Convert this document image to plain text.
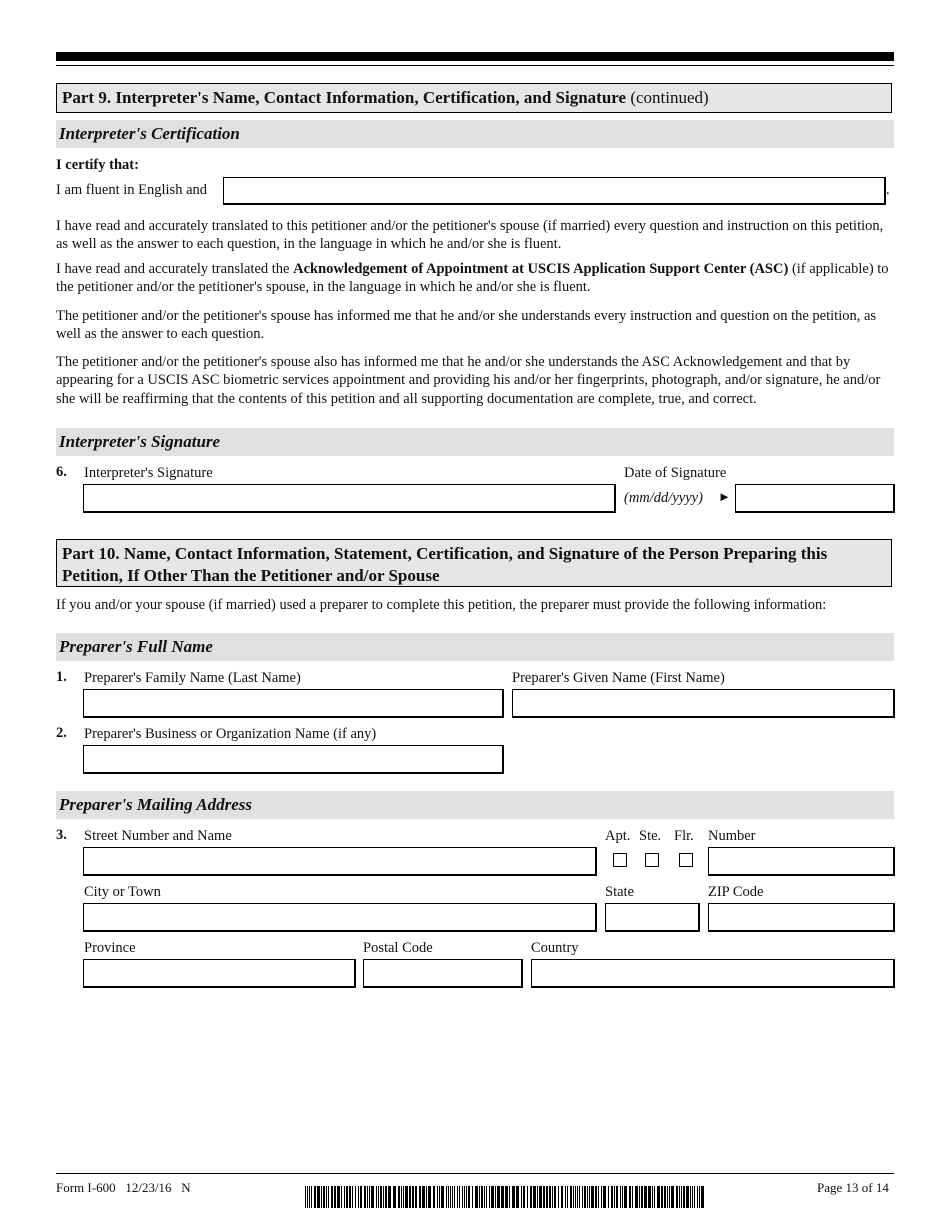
Part 9. Interpreter's Name, Contact Information, Certification, and Signature (continued)
Interpreter's Certification
I certify that:
I am fluent in English and	.
I have read and accurately translated to this petitioner and/or the petitioner's spouse (if married) every question and instruction on this petition, as well as the answer to each question, in the language in which he and/or she is fluent.
I have read and accurately translated the Acknowledgement of Appointment at USCIS Application Support Center (ASC) (if applicable) to the petitioner and/or the petitioner's spouse, in the language in which he and/or she is fluent.
The petitioner and/or the petitioner's spouse has informed me that he and/or she understands every instruction and question on the petition, as well as the answer to each question.
The petitioner and/or the petitioner's spouse also has informed me that he and/or she understands the ASC Acknowledgement and that by appearing for a USCIS ASC biometric services appointment and providing his and/or her fingerprints, photograph, and/or signature, he and/or she will be reaffirming that the contents of this petition and all supporting documentation are complete, true, and correct.
Interpreter's Signature
6. Interpreter's Signature	Date of Signature
(mm/dd/yyyy) ►
Part 10. Name, Contact Information, Statement, Certification, and Signature of the Person Preparing this Petition, If Other Than the Petitioner and/or Spouse
If you and/or your spouse (if married) used a preparer to complete this petition, the preparer must provide the following information:
Preparer's Full Name
1. Preparer's Family Name (Last Name)	Preparer's Given Name (First Name)
2. Preparer's Business or Organization Name (if any)
Preparer's Mailing Address
3. Street Number and Name	Apt. Ste. Flr. Number
City or Town	State	ZIP Code
Province	Postal Code	Country
Form I-600   12/23/16   N	Page 13 of 14
